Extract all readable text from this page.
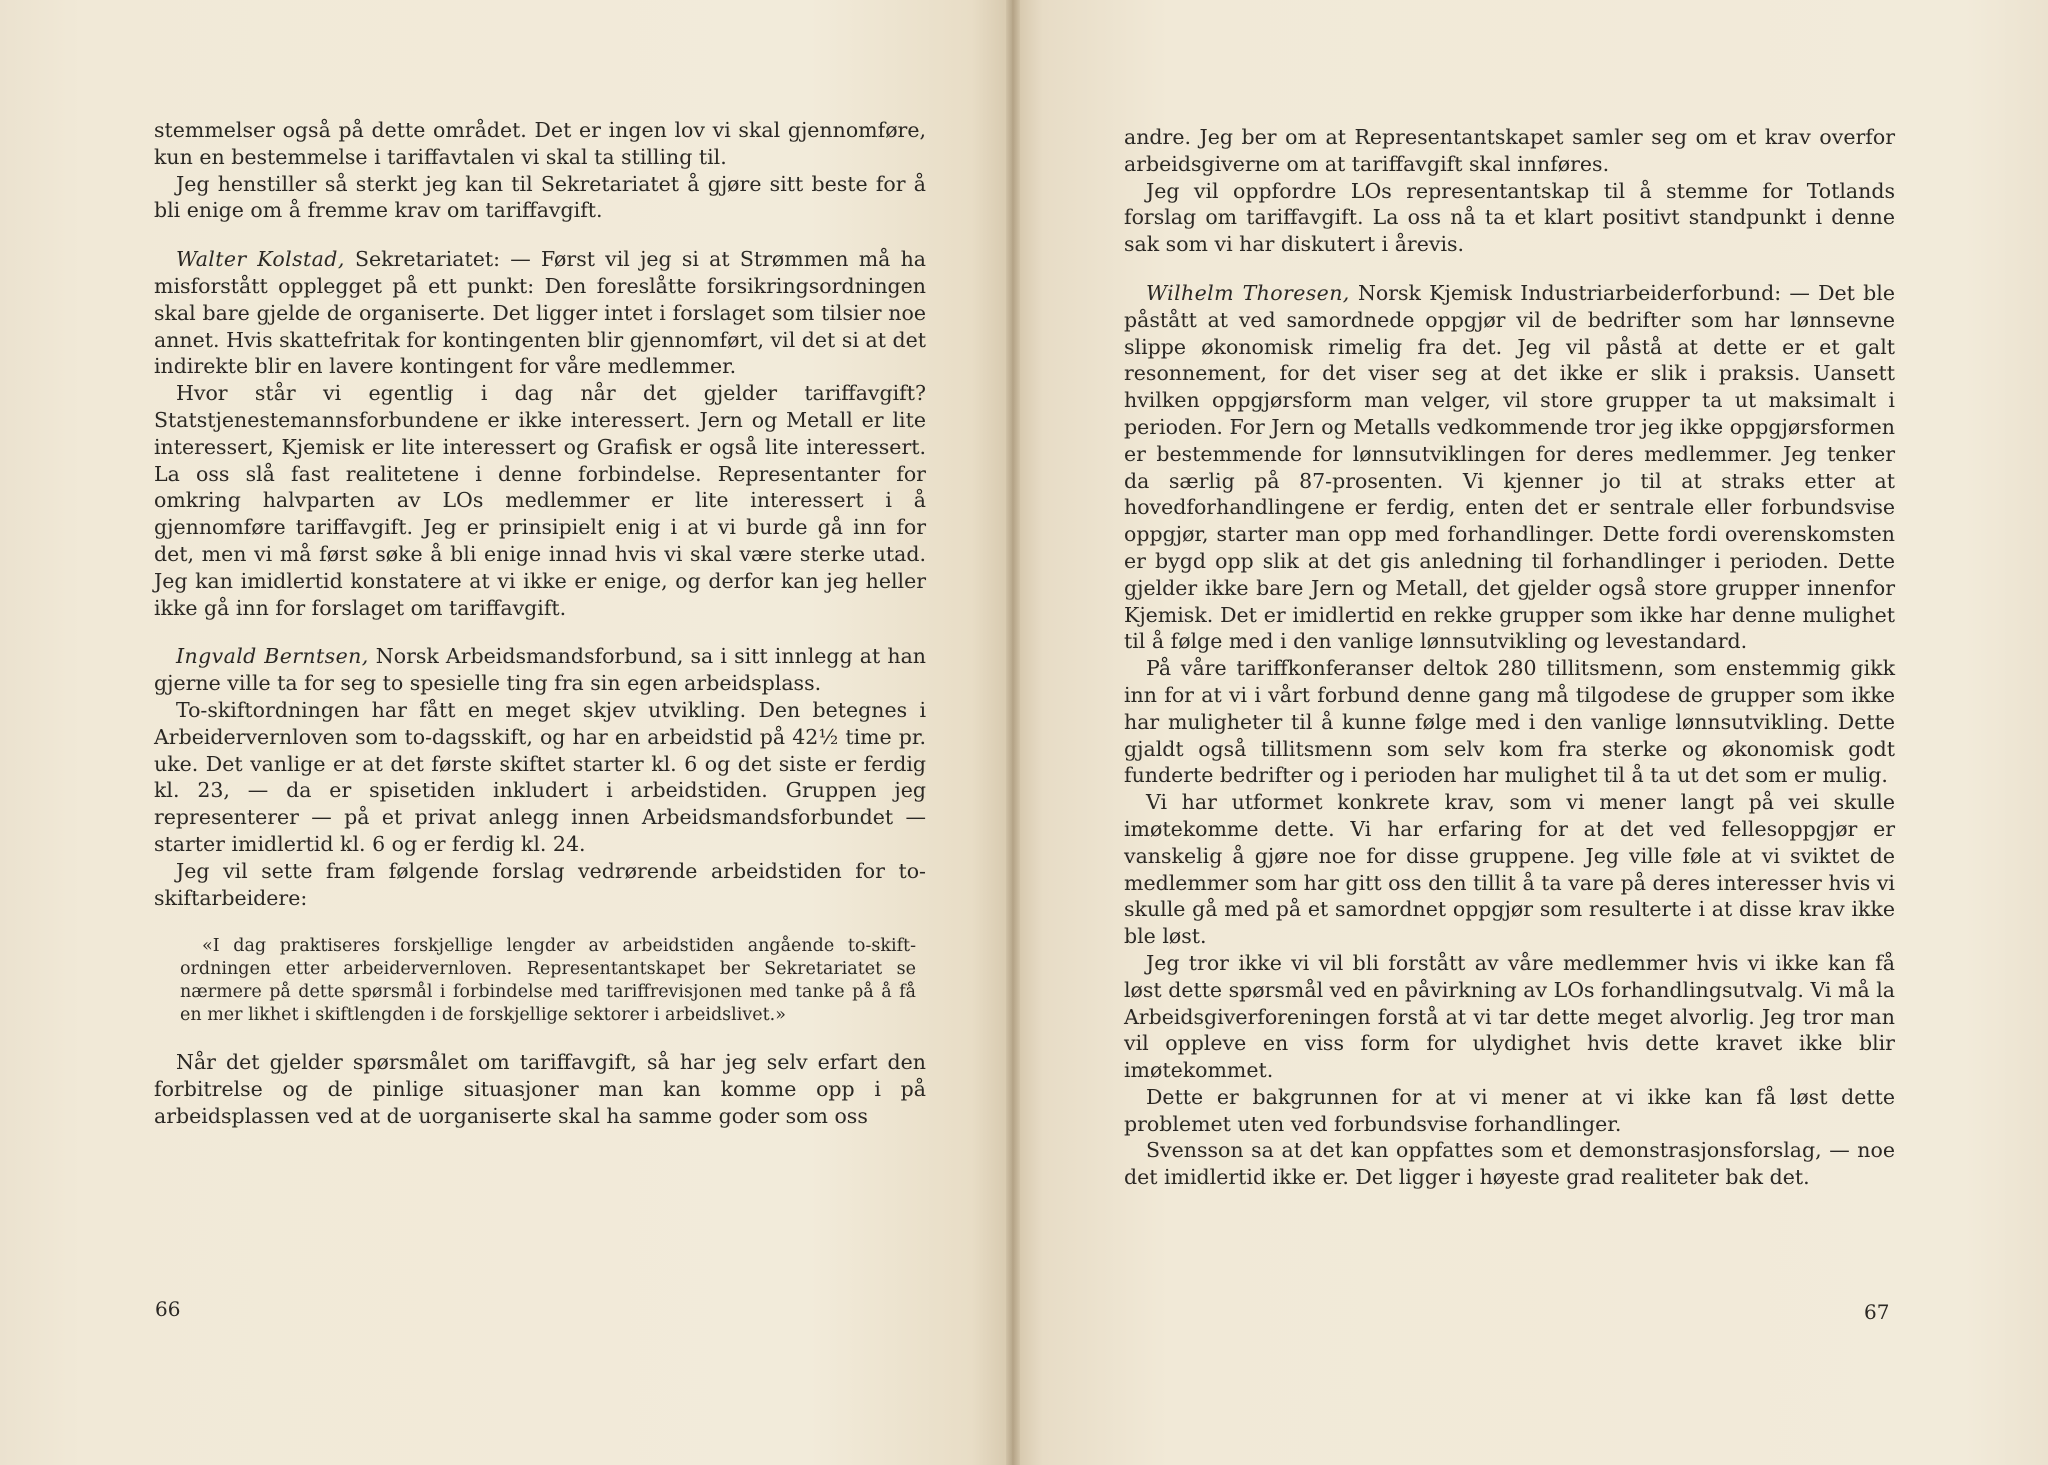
stemmelser også på dette området. Det er ingen lov vi skal gjennomføre, kun en bestemmelse i tariffavtalen vi skal ta stilling til.

Jeg henstiller så sterkt jeg kan til Sekretariatet å gjøre sitt beste for å bli enige om å fremme krav om tariffavgift.

Walter Kolstad, Sekretariatet: — Først vil jeg si at Strømmen må ha misforstått opplegget på ett punkt: Den foreslåtte forsikringsordningen skal bare gjelde de organiserte. Det ligger intet i forslaget som tilsier noe annet. Hvis skattefritak for kontingenten blir gjennomført, vil det si at det indirekte blir en lavere kontingent for våre medlemmer.

Hvor står vi egentlig i dag når det gjelder tariffavgift? Statstjenestemannsforbundene er ikke interessert. Jern og Metall er lite interessert, Kjemisk er lite interessert og Grafisk er også lite interessert. La oss slå fast realitetene i denne forbindelse. Representanter for omkring halvparten av LOs medlemmer er lite interessert i å gjennomføre tariffavgift. Jeg er prinsipielt enig i at vi burde gå inn for det, men vi må først søke å bli enige innad hvis vi skal være sterke utad. Jeg kan imidlertid konstatere at vi ikke er enige, og derfor kan jeg heller ikke gå inn for forslaget om tariffavgift.

Ingvald Berntsen, Norsk Arbeidsmandsforbund, sa i sitt innlegg at han gjerne ville ta for seg to spesielle ting fra sin egen arbeidsplass.

To-skiftordningen har fått en meget skjev utvikling. Den betegnes i Arbeidervernloven som to-dagsskift, og har en arbeidstid på 42½ time pr. uke. Det vanlige er at det første skiftet starter kl. 6 og det siste er ferdig kl. 23, — da er spisetiden inkludert i arbeidstiden. Gruppen jeg representerer — på et privat anlegg innen Arbeidsmandsforbundet — starter imidlertid kl. 6 og er ferdig kl. 24.

Jeg vil sette fram følgende forslag vedrørende arbeidstiden for to-skiftarbeidere:

«I dag praktiseres forskjellige lengder av arbeidstiden angående to-skift-ordningen etter arbeidervernloven. Representantskapet ber Sekretariatet se nærmere på dette spørsmål i forbindelse med tariffrevisjonen med tanke på å få en mer likhet i skiftlengden i de forskjellige sektorer i arbeidslivet.»

Når det gjelder spørsmålet om tariffavgift, så har jeg selv erfart den forbitrelse og de pinlige situasjoner man kan komme opp i på arbeidsplassen ved at de uorganiserte skal ha samme goder som oss

66

andre. Jeg ber om at Representantskapet samler seg om et krav overfor arbeidsgiverne om at tariffavgift skal innføres.

Jeg vil oppfordre LOs representantskap til å stemme for Totlands forslag om tariffavgift. La oss nå ta et klart positivt standpunkt i denne sak som vi har diskutert i årevis.

Wilhelm Thoresen, Norsk Kjemisk Industriarbeiderforbund: — Det ble påstått at ved samordnede oppgjør vil de bedrifter som har lønnsevne slippe økonomisk rimelig fra det. Jeg vil påstå at dette er et galt resonnement, for det viser seg at det ikke er slik i praksis. Uansett hvilken oppgjørsform man velger, vil store grupper ta ut maksimalt i perioden. For Jern og Metalls vedkommende tror jeg ikke oppgjørsformen er bestemmende for lønnsutviklingen for deres medlemmer. Jeg tenker da særlig på 87-prosenten. Vi kjenner jo til at straks etter at hovedforhandlingene er ferdig, enten det er sentrale eller forbundsvise oppgjør, starter man opp med forhandlinger. Dette fordi overenskomsten er bygd opp slik at det gis anledning til forhandlinger i perioden. Dette gjelder ikke bare Jern og Metall, det gjelder også store grupper innenfor Kjemisk. Det er imidlertid en rekke grupper som ikke har denne mulighet til å følge med i den vanlige lønnsutvikling og levestandard.

På våre tariffkonferanser deltok 280 tillitsmenn, som enstemmig gikk inn for at vi i vårt forbund denne gang må tilgodese de grupper som ikke har muligheter til å kunne følge med i den vanlige lønnsutvikling. Dette gjaldt også tillitsmenn som selv kom fra sterke og økonomisk godt funderte bedrifter og i perioden har mulighet til å ta ut det som er mulig.

Vi har utformet konkrete krav, som vi mener langt på vei skulle imøtekomme dette. Vi har erfaring for at det ved fellesoppgjør er vanskelig å gjøre noe for disse gruppene. Jeg ville føle at vi sviktet de medlemmer som har gitt oss den tillit å ta vare på deres interesser hvis vi skulle gå med på et samordnet oppgjør som resulterte i at disse krav ikke ble løst.

Jeg tror ikke vi vil bli forstått av våre medlemmer hvis vi ikke kan få løst dette spørsmål ved en påvirkning av LOs forhandlingsutvalg. Vi må la Arbeidsgiverforeningen forstå at vi tar dette meget alvorlig. Jeg tror man vil oppleve en viss form for ulydighet hvis dette kravet ikke blir imøtekommet.

Dette er bakgrunnen for at vi mener at vi ikke kan få løst dette problemet uten ved forbundsvise forhandlinger.

Svensson sa at det kan oppfattes som et demonstrasjonsforslag, — noe det imidlertid ikke er. Det ligger i høyeste grad realiteter bak det.

67
